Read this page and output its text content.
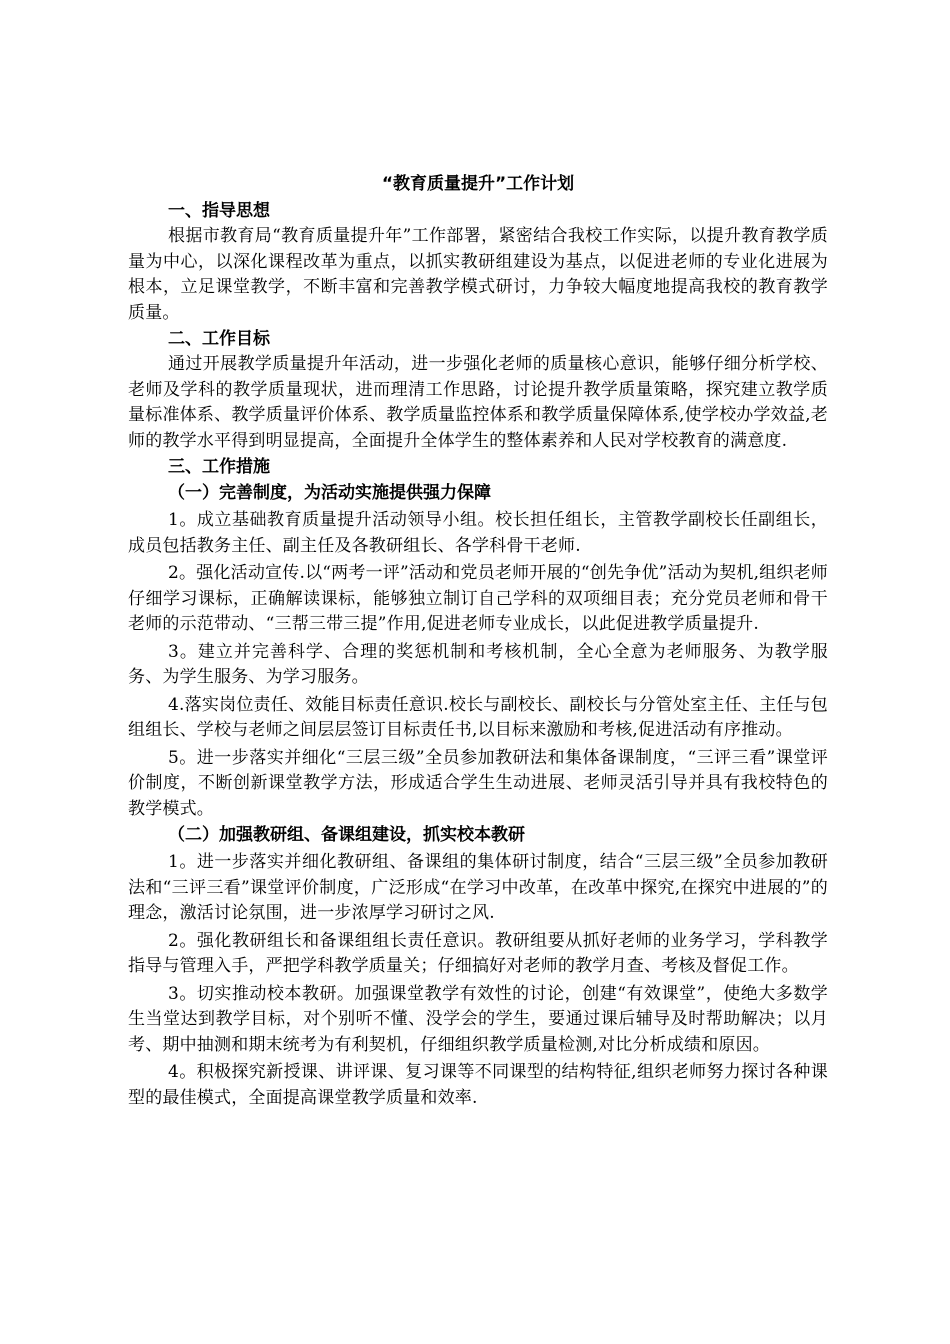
“教育质量提升”工作计划
一、指导思想

根据市教育局“教育质量提升年”工作部署，紧密结合我校工作实际，以提升教育教学质量为中心，以深化课程改革为重点，以抓实教研组建设为基点，以促进老师的专业化进展为根本，立足课堂教学，不断丰富和完善教学模式研讨，力争较大幅度地提高我校的教育教学质量。

二、工作目标

通过开展教学质量提升年活动，进一步强化老师的质量核心意识，能够仔细分析学校、老师及学科的教学质量现状，进而理清工作思路，讨论提升教学质量策略，探究建立教学质量标准体系、教学质量评价体系、教学质量监控体系和教学质量保障体系,使学校办学效益,老师的教学水平得到明显提高，全面提升全体学生的整体素养和人民对学校教育的满意度.

三、工作措施
（一）完善制度，为活动实施提供强力保障

1。成立基础教育质量提升活动领导小组。校长担任组长，主管教学副校长任副组长，成员包括教务主任、副主任及各教研组长、各学科骨干老师.

2。强化活动宣传.以“两考一评”活动和党员老师开展的“创先争优”活动为契机,组织老师仔细学习课标，正确解读课标，能够独立制订自己学科的双项细目表；充分党员老师和骨干老师的示范带动、“三帮三带三提”作用,促进老师专业成长，以此促进教学质量提升.

3。建立并完善科学、合理的奖惩机制和考核机制，全心全意为老师服务、为教学服务、为学生服务、为学习服务。

4.落实岗位责任、效能目标责任意识.校长与副校长、副校长与分管处室主任、主任与包组组长、学校与老师之间层层签订目标责任书,以目标来激励和考核,促进活动有序推动。

5。进一步落实并细化“三层三级”全员参加教研法和集体备课制度，“三评三看”课堂评价制度，不断创新课堂教学方法，形成适合学生生动进展、老师灵活引导并具有我校特色的教学模式。

（二）加强教研组、备课组建设，抓实校本教研

1。进一步落实并细化教研组、备课组的集体研讨制度，结合“三层三级”全员参加教研法和“三评三看”课堂评价制度，广泛形成“在学习中改革，在改革中探究,在探究中进展的”的理念，激活讨论氛围，进一步浓厚学习研讨之风.

2。强化教研组长和备课组组长责任意识。教研组要从抓好老师的业务学习，学科教学指导与管理入手，严把学科教学质量关；仔细搞好对老师的教学月查、考核及督促工作。

3。切实推动校本教研。加强课堂教学有效性的讨论，创建“有效课堂”，使绝大多数学生当堂达到教学目标，对个别听不懂、没学会的学生，要通过课后辅导及时帮助解决；以月考、期中抽测和期末统考为有利契机，仔细组织教学质量检测,对比分析成绩和原因。

4。积极探究新授课、讲评课、复习课等不同课型的结构特征,组织老师努力探讨各种课型的最佳模式，全面提高课堂教学质量和效率.
